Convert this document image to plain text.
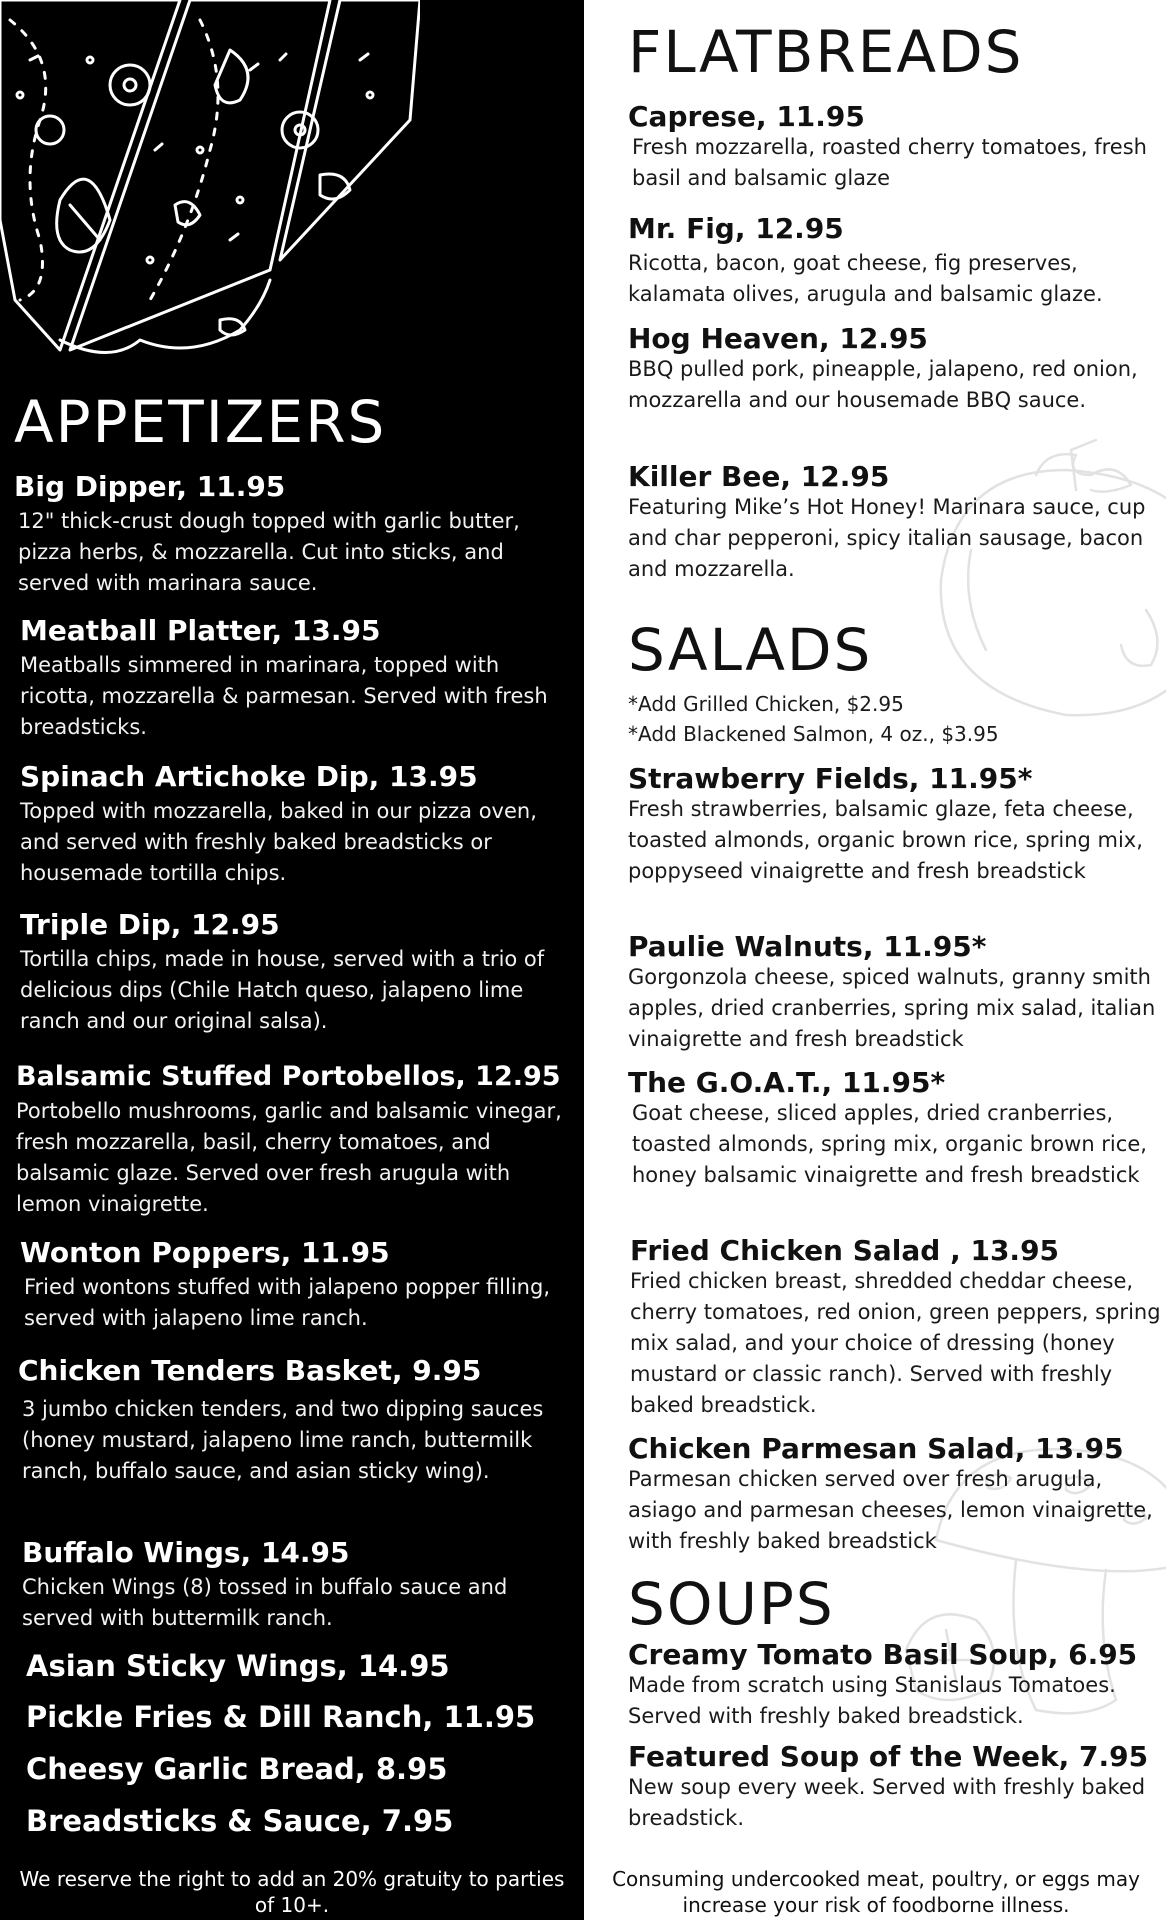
APPETIZERS
Big Dipper, 11.95
12" thick-crust dough topped with garlic butter, pizza herbs, & mozzarella. Cut into sticks, and served with marinara sauce.
Meatball Platter, 13.95
Meatballs simmered in marinara, topped with ricotta, mozzarella & parmesan. Served with fresh breadsticks.
Spinach Artichoke Dip, 13.95
Topped with mozzarella, baked in our pizza oven, and served with freshly baked breadsticks or housemade tortilla chips.
Triple Dip, 12.95
Tortilla chips, made in house, served with a trio of delicious dips (Chile Hatch queso, jalapeno lime ranch and our original salsa).
Balsamic Stuffed Portobellos, 12.95
Portobello mushrooms, garlic and balsamic vinegar, fresh mozzarella, basil, cherry tomatoes, and balsamic glaze. Served over fresh arugula with lemon vinaigrette.
Wonton Poppers, 11.95
Fried wontons stuffed with jalapeno popper filling, served with jalapeno lime ranch.
Chicken Tenders Basket, 9.95
3 jumbo chicken tenders, and two dipping sauces (honey mustard, jalapeno lime ranch, buttermilk ranch, buffalo sauce, and asian sticky wing).
Buffalo Wings, 14.95
Chicken Wings (8) tossed in buffalo sauce and served with buttermilk ranch.
Asian Sticky Wings, 14.95
Pickle Fries & Dill Ranch, 11.95
Cheesy Garlic Bread, 8.95
Breadsticks & Sauce, 7.95
We reserve the right to add an 20% gratuity to parties of 10+.
FLATBREADS
Caprese, 11.95
Fresh mozzarella, roasted cherry tomatoes, fresh basil and balsamic glaze
Mr. Fig, 12.95
Ricotta, bacon, goat cheese, fig preserves, kalamata olives, arugula and balsamic glaze.
Hog Heaven, 12.95
BBQ pulled pork, pineapple, jalapeno, red onion, mozzarella and our housemade BBQ sauce.
Killer Bee, 12.95
Featuring Mike’s Hot Honey! Marinara sauce, cup and char pepperoni, spicy italian sausage, bacon and mozzarella.
SALADS
*Add Grilled Chicken, $2.95
*Add Blackened Salmon, 4 oz., $3.95
Strawberry Fields, 11.95*
Fresh strawberries, balsamic glaze, feta cheese, toasted almonds, organic brown rice, spring mix, poppyseed vinaigrette and fresh breadstick
Paulie Walnuts, 11.95*
Gorgonzola cheese, spiced walnuts, granny smith apples, dried cranberries, spring mix salad, italian vinaigrette and fresh breadstick
The G.O.A.T., 11.95*
Goat cheese, sliced apples, dried cranberries, toasted almonds, spring mix, organic brown rice, honey balsamic vinaigrette and fresh breadstick
Fried Chicken Salad , 13.95
Fried chicken breast, shredded cheddar cheese, cherry tomatoes, red onion, green peppers, spring mix salad, and your choice of dressing (honey mustard or classic ranch). Served with freshly baked breadstick.
Chicken Parmesan Salad, 13.95
Parmesan chicken served over fresh arugula, asiago and parmesan cheeses, lemon vinaigrette, with freshly baked breadstick
SOUPS
Creamy Tomato Basil Soup, 6.95
Made from scratch using Stanislaus Tomatoes. Served with freshly baked breadstick.
Featured Soup of the Week, 7.95
New soup every week. Served with freshly baked breadstick.
Consuming undercooked meat, poultry, or eggs may increase your risk of foodborne illness.
